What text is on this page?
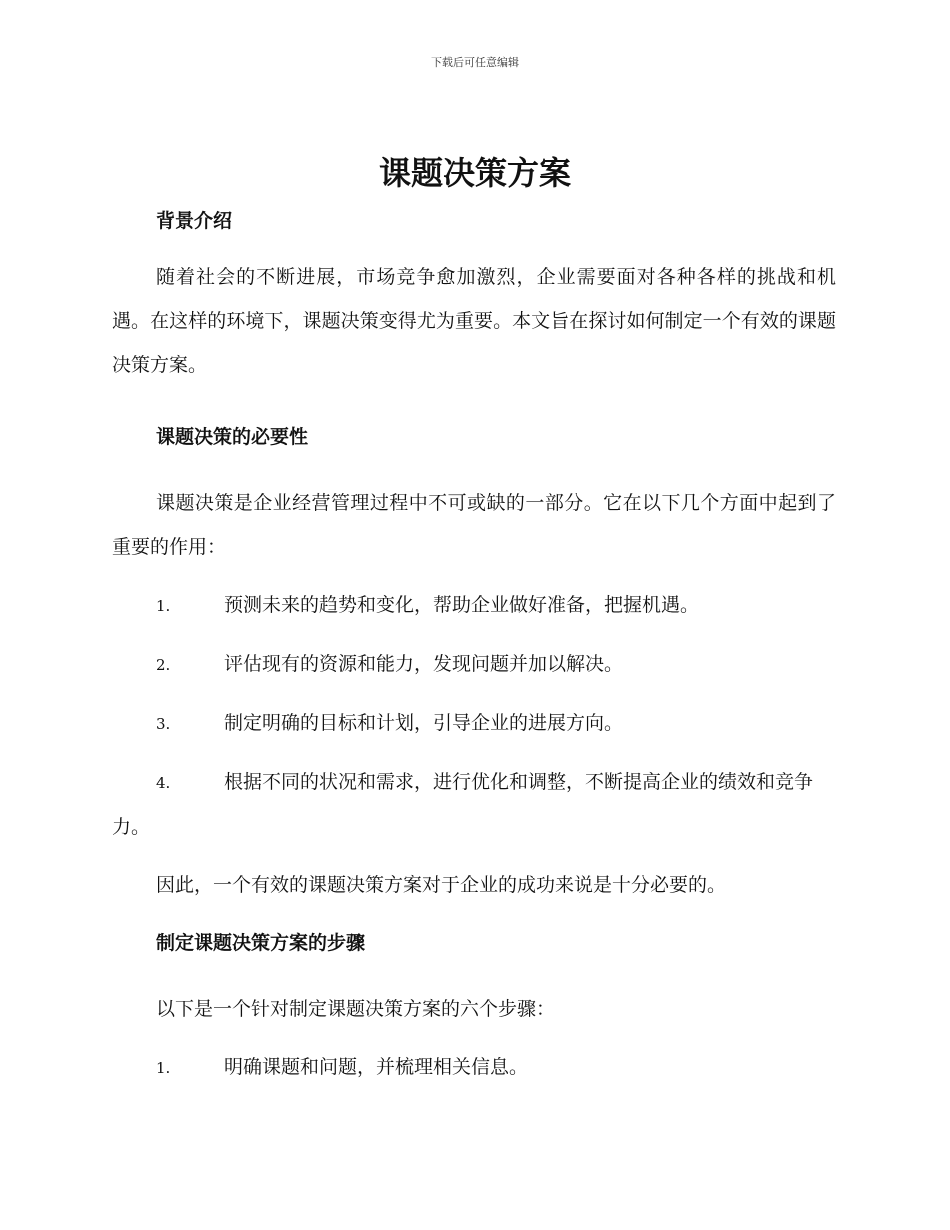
下载后可任意编辑
课题决策方案

背景介绍

随着社会的不断进展，市场竞争愈加激烈，企业需要面对各种各样的挑战和机遇。在这样的环境下，课题决策变得尤为重要。本文旨在探讨如何制定一个有效的课题决策方案。

课题决策的必要性

课题决策是企业经营管理过程中不可或缺的一部分。它在以下几个方面中起到了重要的作用：

1.	预测未来的趋势和变化，帮助企业做好准备，把握机遇。

2.	评估现有的资源和能力，发现问题并加以解决。

3.	制定明确的目标和计划，引导企业的进展方向。

4.	根据不同的状况和需求，进行优化和调整，不断提高企业的绩效和竞争力。

因此，一个有效的课题决策方案对于企业的成功来说是十分必要的。

制定课题决策方案的步骤

以下是一个针对制定课题决策方案的六个步骤：

1.	明确课题和问题，并梳理相关信息。
